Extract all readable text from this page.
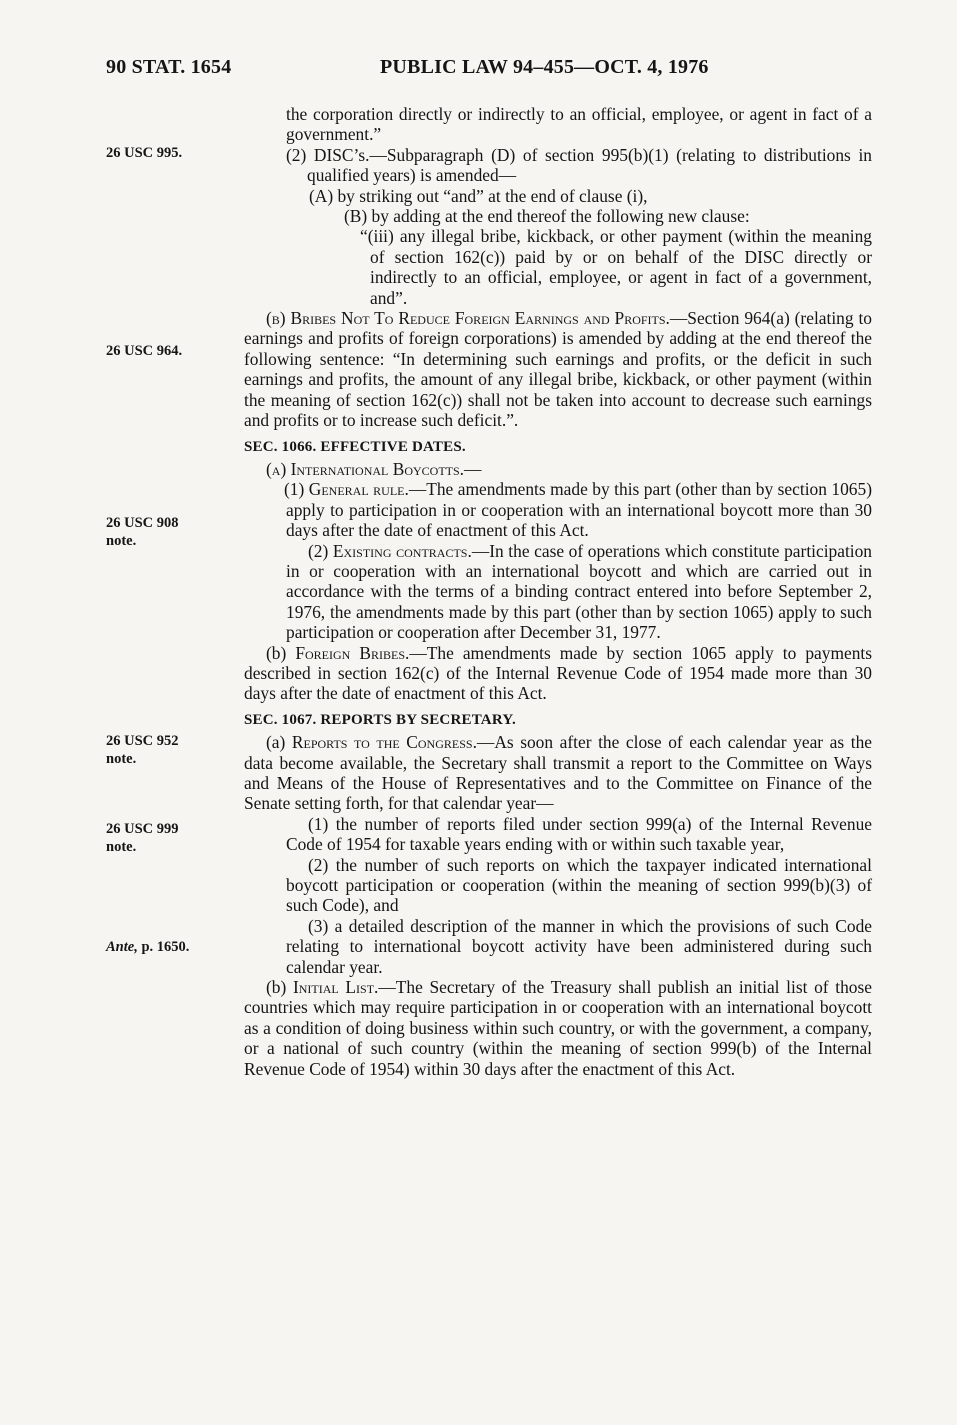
90 STAT. 1654	PUBLIC LAW 94–455—OCT. 4, 1976
26 USC 995.
26 USC 964.
26 USC 908
note.
26 USC 952
note.
26 USC 999
note.
Ante, p. 1650.

the corporation directly or indirectly to an official, employee, or agent in fact of a government.”

(2) DISC’s.—Subparagraph (D) of section 995(b)(1) (relating to distributions in qualified years) is amended—

(A) by striking out “and” at the end of clause (i),

(B) by adding at the end thereof the following new clause:

“(iii) any illegal bribe, kickback, or other payment (within the meaning of section 162(c)) paid by or on behalf of the DISC directly or indirectly to an official, employee, or agent in fact of a government, and”.

(b) Bribes Not To Reduce Foreign Earnings and Profits.—Section 964(a) (relating to earnings and profits of foreign corporations) is amended by adding at the end thereof the following sentence: “In determining such earnings and profits, or the deficit in such earnings and profits, the amount of any illegal bribe, kickback, or other payment (within the meaning of section 162(c)) shall not be taken into account to decrease such earnings and profits or to increase such deficit.”.

SEC. 1066. EFFECTIVE DATES.

(a) International Boycotts.—

(1) General rule.—The amendments made by this part (other than by section 1065) apply to participation in or cooperation with an international boycott more than 30 days after the date of enactment of this Act.

(2) Existing contracts.—In the case of operations which constitute participation in or cooperation with an international boycott and which are carried out in accordance with the terms of a binding contract entered into before September 2, 1976, the amendments made by this part (other than by section 1065) apply to such participation or cooperation after December 31, 1977.

(b) Foreign Bribes.—The amendments made by section 1065 apply to payments described in section 162(c) of the Internal Revenue Code of 1954 made more than 30 days after the date of enactment of this Act.

SEC. 1067. REPORTS BY SECRETARY.

(a) Reports to the Congress.—As soon after the close of each calendar year as the data become available, the Secretary shall transmit a report to the Committee on Ways and Means of the House of Representatives and to the Committee on Finance of the Senate setting forth, for that calendar year—

(1) the number of reports filed under section 999(a) of the Internal Revenue Code of 1954 for taxable years ending with or within such taxable year,

(2) the number of such reports on which the taxpayer indicated international boycott participation or cooperation (within the meaning of section 999(b)(3) of such Code), and

(3) a detailed description of the manner in which the provisions of such Code relating to international boycott activity have been administered during such calendar year.

(b) Initial List.—The Secretary of the Treasury shall publish an initial list of those countries which may require participation in or cooperation with an international boycott as a condition of doing business within such country, or with the government, a company, or a national of such country (within the meaning of section 999(b) of the Internal Revenue Code of 1954) within 30 days after the enactment of this Act.
